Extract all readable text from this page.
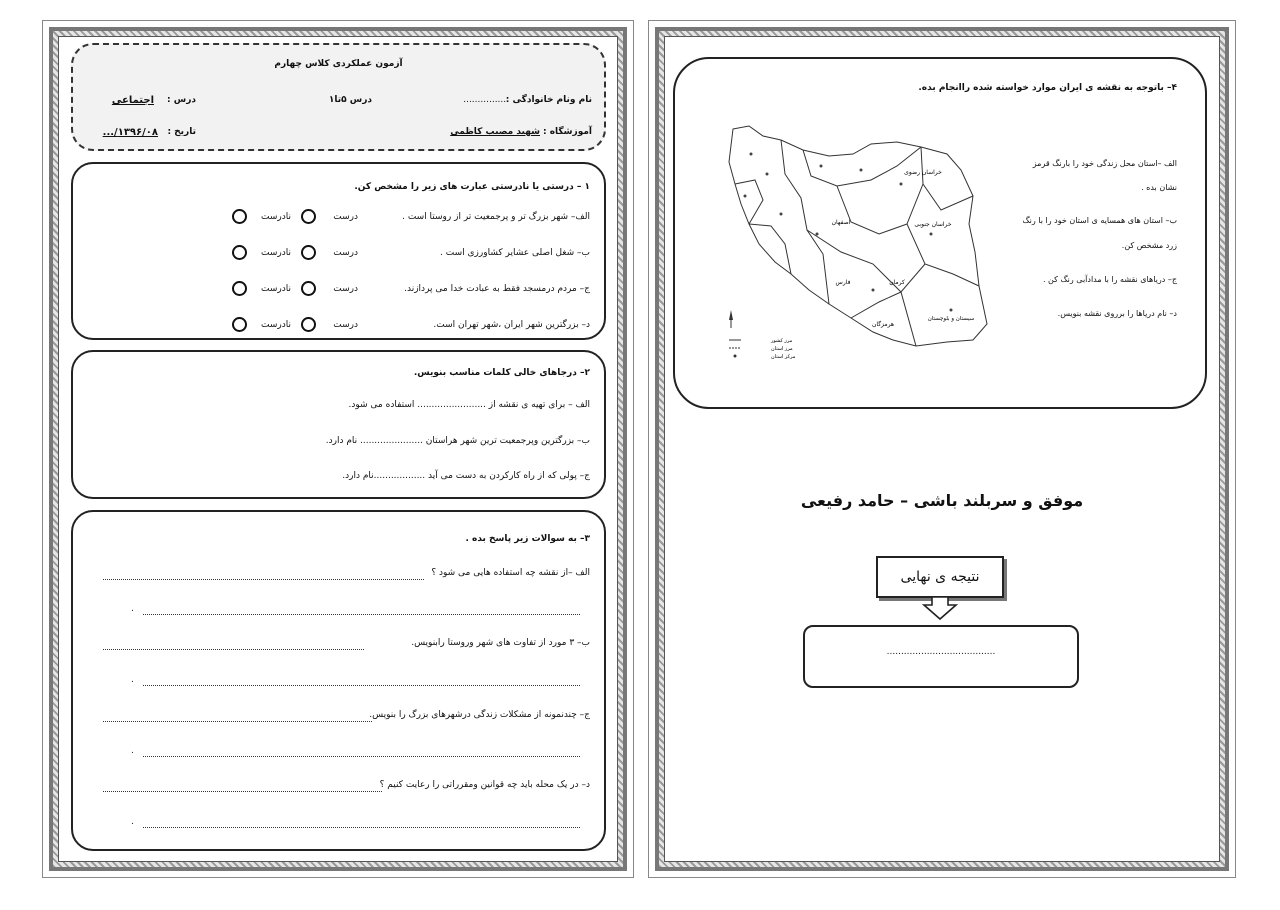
آزمون عملکردی کلاس چهارم
نام ونام خانوادگی :
................
درس ۵تا۱
درس :
اجتماعی
آموزشگاه :
شهید مصیب کاظمی
تاریخ :
۱۳۹۶/۰۸/...
۱ – درستی یا نادرستی عبارت های زیر را مشخص کن.
الف– شهر بزرگ تر و پرجمعیت تر از روستا است .
درست
نادرست
ب– شغل اصلی عشایر کشاورزی است .
درست
نادرست
ج– مردم درمسجد فقط به عبادت خدا می پردازند.
درست
نادرست
د– بزرگترین شهر ایران ،شهر تهران است.
درست
نادرست
۲– درجاهای خالی کلمات مناسب بنویس.
الف – برای تهیه ی نقشه از ........................ استفاده می شود.
ب– بزرگترین وپرجمعیت ترین شهر هراستان ...................... نام دارد.
ج– پولی که از راه کارکردن به دست می آید ..................نام دارد.
۳– به سوالات زیر پاسخ بده .
الف –از نقشه چه استفاده هایی می شود ؟
.
ب– ۳ مورد از تفاوت های شهر وروستا رابنویس.
.
ج– چندنمونه از مشکلات زندگی درشهرهای بزرگ را بنویس.
.
د– در یک محله باید چه قوانین ومقرراتی را رعایت کنیم ؟
.
۴– باتوجه به نقشه ی ایران موارد خواسته شده راانجام بده.
خراسان رضوی
خراسان جنوبی
اصفهان
فارس	کرمان
هرمزگان
سیستان و بلوچستان
مرز کشور
مرز استان
مرکز استان
الف –استان محل زندگی خود را بارنگ قرمز
نشان بده .
ب– استان های همسایه ی استان خود را با رنگ
زرد مشخص کن.
ج– دریاهای نقشه را با مدادآبی رنگ کن .
د– نام دریاها را برروی نقشه بنویس.
موفق و سربلند باشی – حامد رفیعی
نتیجه ی نهایی
......................................
